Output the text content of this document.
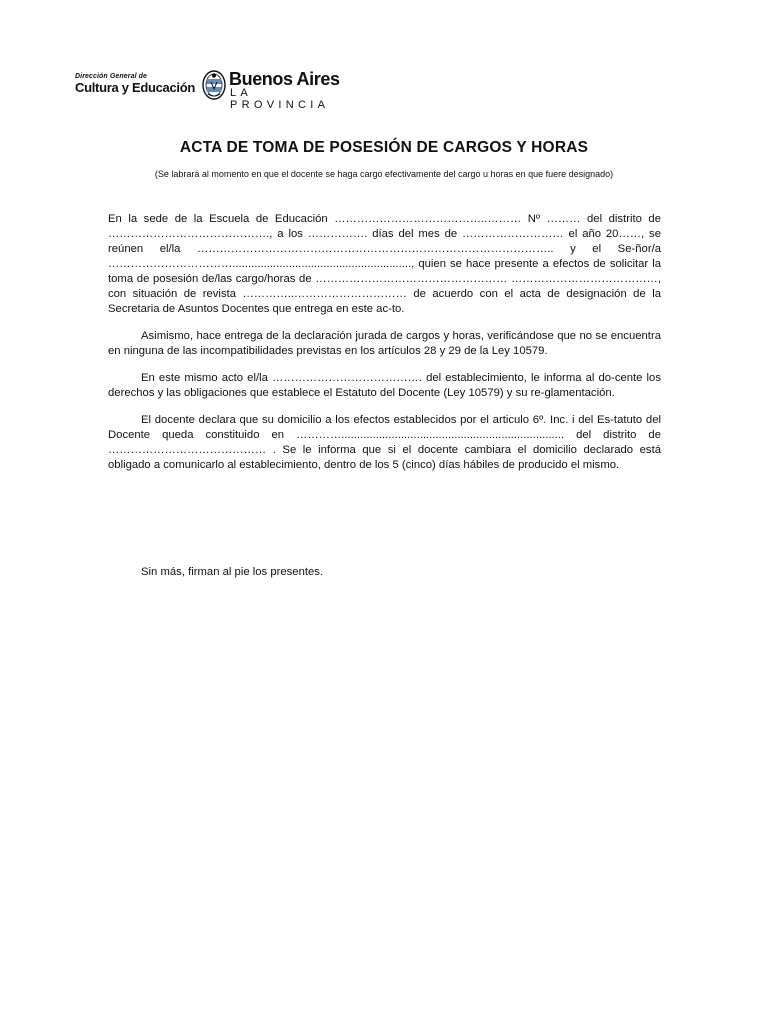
Dirección General de
Cultura y Educación Buenos Aires
LA PROVINCIA
ACTA DE TOMA DE POSESIÓN DE CARGOS Y HORAS
(Se labrará al momento en que el docente se haga cargo efectivamente del cargo u horas en que fuere designado)

En la sede de la Escuela de Educación …………………………………..……… Nº ……… del distrito de ……………………………………., a los ……………. días del mes de ……………………… el año 20……, se reúnen el/la ………………………………………………………………………………….. y el Se-ñor/a ……………………………........................................................., quien se hace presente a efectos de solicitar la toma de posesión de/las cargo/horas de …………………………………………… …………………………………, con situación de revista …………..………………………… de acuerdo con el acta de designación de la Secretaria de Asuntos Docentes que entrega en este ac-to.

Asimismo, hace entrega de la declaración jurada de cargos y horas, verificándose que no se encuentra en ninguna de las incompatibilidades previstas en los artículos 28 y 29 de la Ley 10579.

En este mismo acto el/la …………………………………. del establecimiento, le informa al do-cente los derechos y las obligaciones que establece el Estatuto del Docente (Ley 10579) y su re-glamentación.

El docente declara que su domicilio a los efectos establecidos por el articulo 6º. Inc. i del Es-tatuto del Docente queda constituido en …………....................................................................... del distrito de …………………………………… . Se le informa que si el docente cambiara el domicilio declarado está obligado a comunicarlo al establecimiento, dentro de los 5 (cinco) días hábiles de producido el mismo.

Sin más, firman al pie los presentes.
